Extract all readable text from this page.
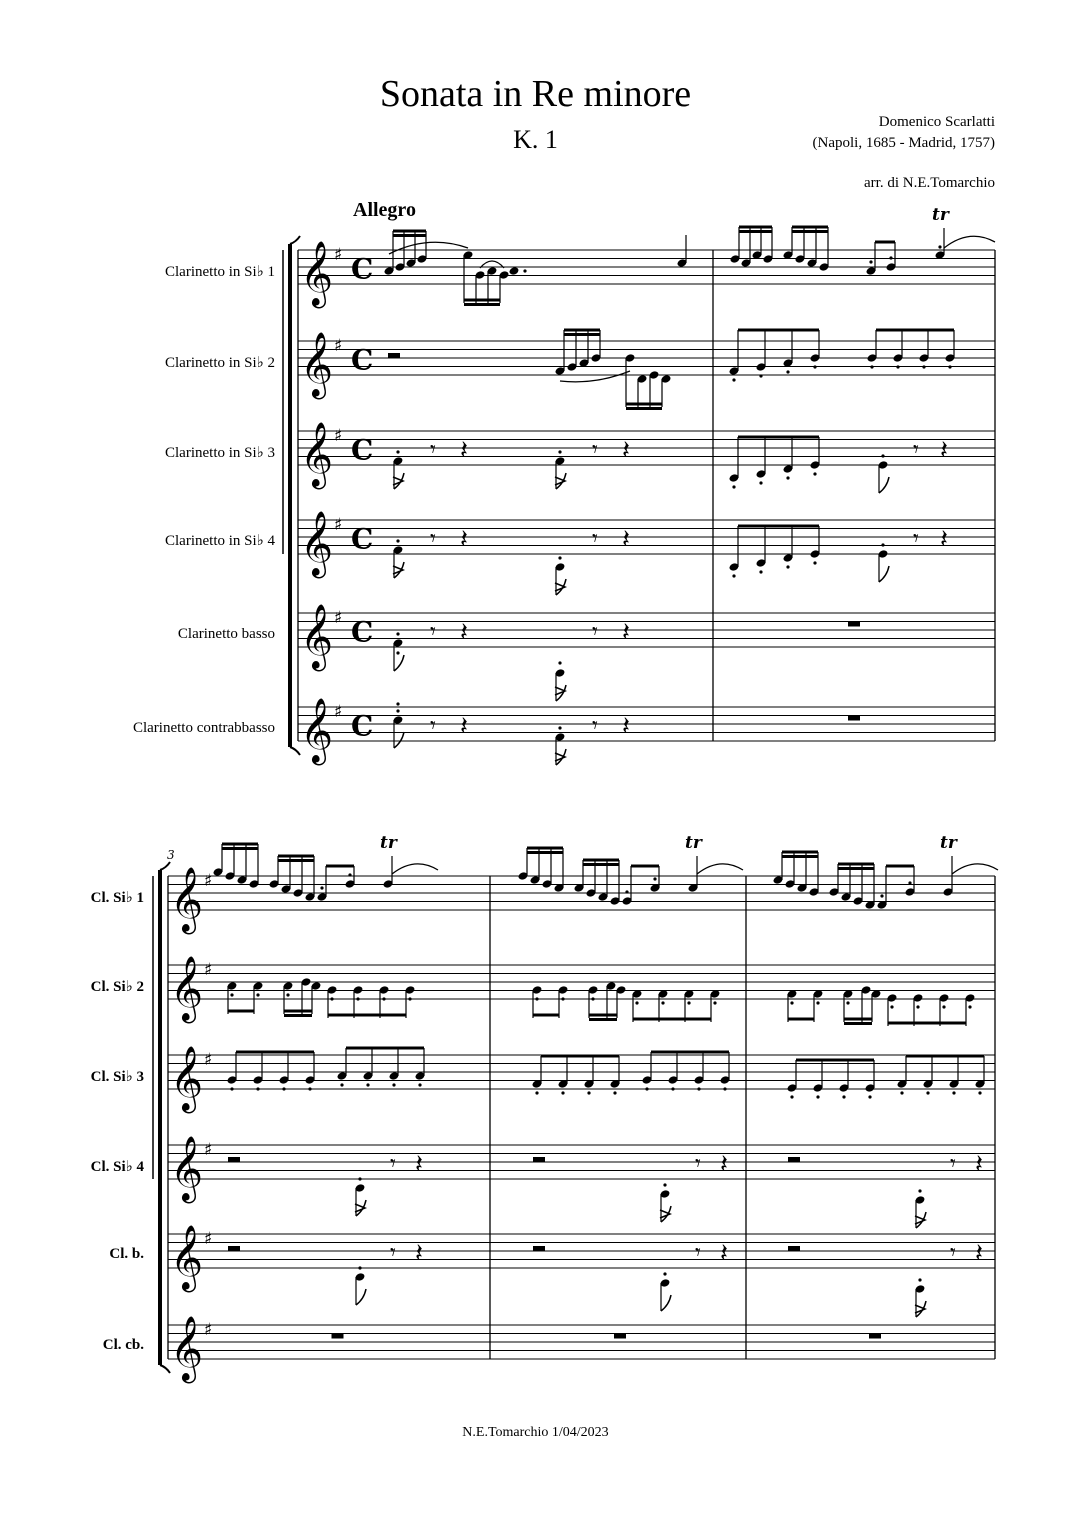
Sonata in Re minore
K. 1
Domenico Scarlatti
(Napoli, 1685 - Madrid, 1757)
arr. di N.E.Tomarchio
Allegro
Clarinetto in Si♭ 1
Clarinetto in Si♭ 2
Clarinetto in Si♭ 3
Clarinetto in Si♭ 4
Clarinetto basso
Clarinetto contrabbasso
Cl. Si♭ 1
Cl. Si♭ 2
Cl. Si♭ 3
Cl. Si♭ 4
Cl. b.
Cl. cb.
3
𝄞 ♯ C
𝄞 ♯ C
𝄞 ♯ C
𝄞 ♯ C
𝄞 ♯ C
𝄞 ♯ C
tr
𝄾 𝄽	𝄾 𝄽	𝄾 𝄽
𝄾 𝄽	𝄾 𝄽	𝄾 𝄽
𝄾 𝄽	𝄾 𝄽
𝄾 𝄽	𝄾 𝄽
𝄞 ♯
𝄞 ♯
𝄞 ♯
𝄞 ♯
𝄞 ♯
𝄞 ♯
tr	tr	tr
𝄾 𝄽	𝄾 𝄽	𝄾 𝄽
𝄾 𝄽	𝄾 𝄽	𝄾 𝄽
N.E.Tomarchio 1/04/2023
